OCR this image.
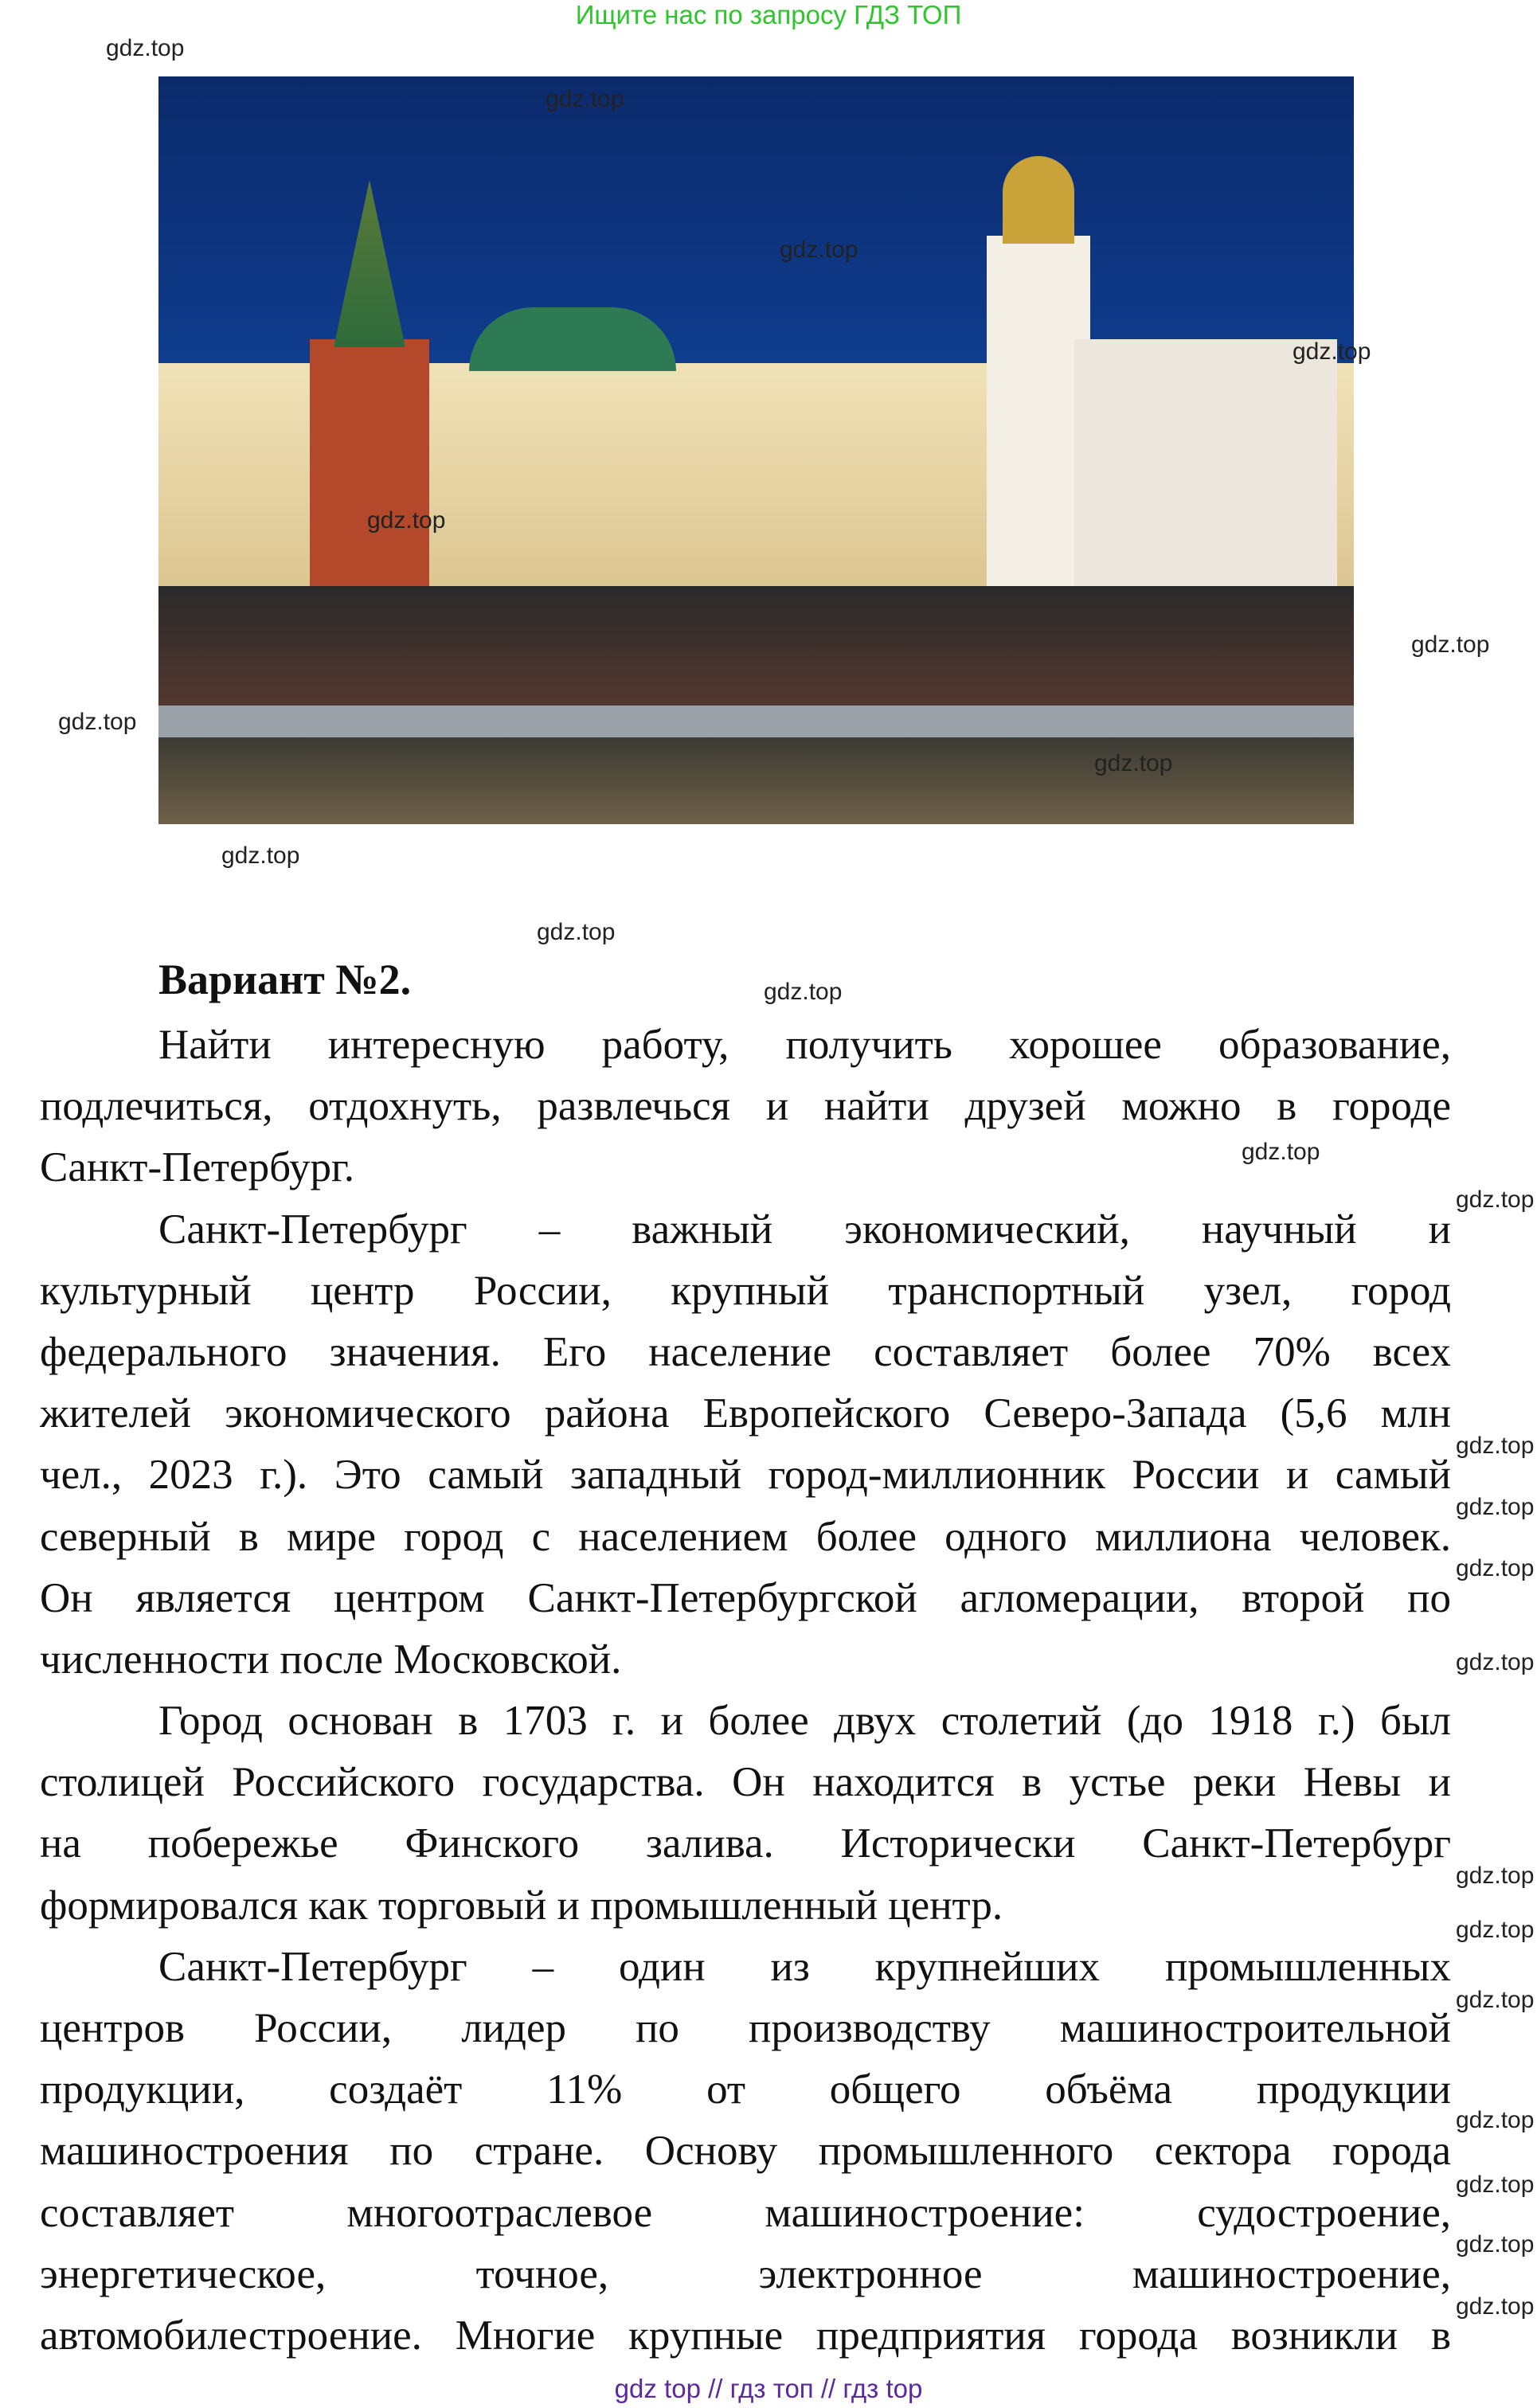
Ищите нас по запросу ГДЗ ТОП
Вариант №2.
Найти интересную работу, получить хорошее образование,
подлечиться, отдохнуть, развлечься и найти друзей можно в городе
Санкт-Петербург.
Санкт-Петербург – важный экономический, научный и
культурный центр России, крупный транспортный узел, город
федерального значения. Его население составляет более 70% всех
жителей экономического района Европейского Северо-Запада (5,6 млн
чел., 2023 г.). Это самый западный город-миллионник России и самый
северный в мире город с населением более одного миллиона человек.
Он является центром Санкт-Петербургской агломерации, второй по
численности после Московской.
Город основан в 1703 г. и более двух столетий (до 1918 г.) был
столицей Российского государства. Он находится в устье реки Невы и
на побережье Финского залива. Исторически Санкт-Петербург
формировался как торговый и промышленный центр.
Санкт-Петербург – один из крупнейших промышленных
центров России, лидер по производству машиностроительной
продукции, создаёт 11% от общего объёма продукции
машиностроения по стране. Основу промышленного сектора города
составляет многоотраслевое машиностроение: судостроение,
энергетическое, точное, электронное машиностроение,
автомобилестроение. Многие крупные предприятия города возникли в
gdz.top
gdz.top
gdz.top
gdz.top
gdz.top
gdz.top
gdz.top
gdz.top
gdz.top
gdz.top
gdz.top
gdz.top
gdz.top
gdz.top
gdz.top
gdz.top
gdz.top
gdz.top
gdz.top
gdz.top
gdz.top
gdz.top
gdz.top
gdz.top
gdz top // гдз топ // гдз top
